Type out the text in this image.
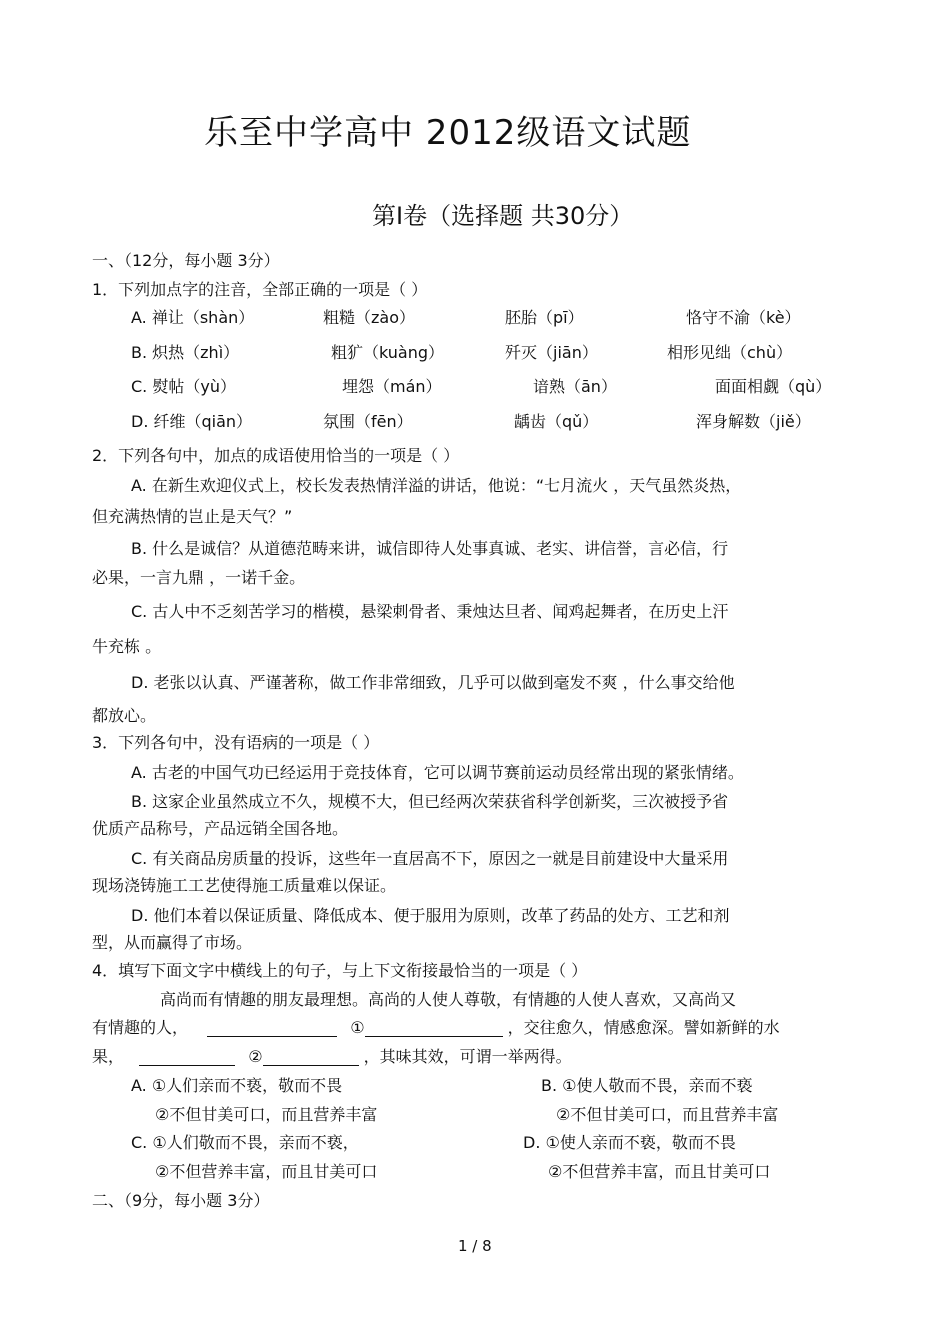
乐至中学高中 2012级语文试题
第Ⅰ卷（选择题 共30分）
一、（12分，每小题 3分）
1．下列加点字的注音，全部正确的一项是（ ）
A. 禅让（shàn）	粗糙（zào）	胚胎（pī）	恪守不渝（kè）
B. 炽热（zhì）	粗犷（kuàng）	歼灭（jiān）	相形见绌（chù）
C. 熨帖（yù）	埋怨（mán）	谙熟（ān）	面面相觑（qù）
D. 纤维（qiān）	氛围（fēn）	龋齿（qǔ）	浑身解数（jiě）
2．下列各句中，加点的成语使用恰当的一项是（ ）
A. 在新生欢迎仪式上，校长发表热情洋溢的讲话，他说：“七月流火 ，天气虽然炎热，
但充满热情的岂止是天气？”
B. 什么是诚信？从道德范畴来讲，诚信即待人处事真诚、老实、讲信誉，言必信，行
必果，一言九鼎 ，一诺千金。
C. 古人中不乏刻苦学习的楷模，悬梁刺骨者、秉烛达旦者、闻鸡起舞者，在历史上汗
牛充栋 。
D. 老张以认真、严谨著称，做工作非常细致，几乎可以做到毫发不爽 ，什么事交给他
都放心。
3．下列各句中，没有语病的一项是（ ）
A. 古老的中国气功已经运用于竞技体育，它可以调节赛前运动员经常出现的紧张情绪。
B. 这家企业虽然成立不久，规模不大，但已经两次荣获省科学创新奖，三次被授予省
优质产品称号，产品远销全国各地。
C. 有关商品房质量的投诉，这些年一直居高不下，原因之一就是目前建设中大量采用
现场浇铸施工工艺使得施工质量难以保证。
D. 他们本着以保证质量、降低成本、便于服用为原则，改革了药品的处方、工艺和剂
型，从而赢得了市场。
4．填写下面文字中横线上的句子，与上下文衔接最恰当的一项是（ ）
高尚而有情趣的朋友最理想。高尚的人使人尊敬，有情趣的人使人喜欢，又高尚又
有情趣的人，	①	，交往愈久，情感愈深。譬如新鲜的水
果，	②	，其味其效，可谓一举两得。
A. ①人们亲而不亵，敬而不畏
②不但甘美可口，而且营养丰富
B. ①使人敬而不畏，亲而不亵
②不但甘美可口，而且营养丰富
C. ①人们敬而不畏，亲而不亵，
②不但营养丰富，而且甘美可口
D. ①使人亲而不亵，敬而不畏
②不但营养丰富，而且甘美可口
二、（9分，每小题 3分）
1 / 8
